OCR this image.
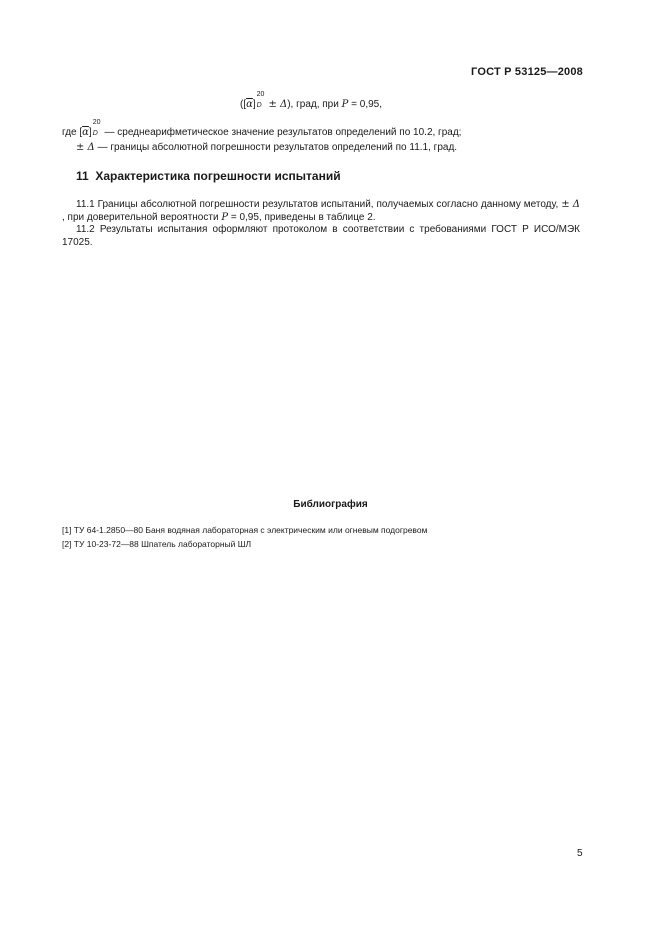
ГОСТ Р 53125—2008
($[\overline{\alpha}]$
20
D ± Δ), град, при P = 0,95,
где $[\overline{\alpha}]$
20
D — среднеарифметическое значение результатов определений по 10.2, град;
± Δ — границы абсолютной погрешности результатов определений по 11.1, град.
11 Характеристика погрешности испытаний
11.1 Границы абсолютной погрешности результатов испытаний, получаемых согласно данному методу, ± Δ, при доверительной вероятности P = 0,95, приведены в таблице 2.
11.2 Результаты испытания оформляют протоколом в соответствии с требованиями ГОСТ Р ИСО/МЭК 17025.
Библиография
[1] ТУ 64-1.2850—80 Баня водяная лабораторная с электрическим или огневым подогревом
[2] ТУ 10-23-72—88 Шпатель лабораторный ШЛ
5
